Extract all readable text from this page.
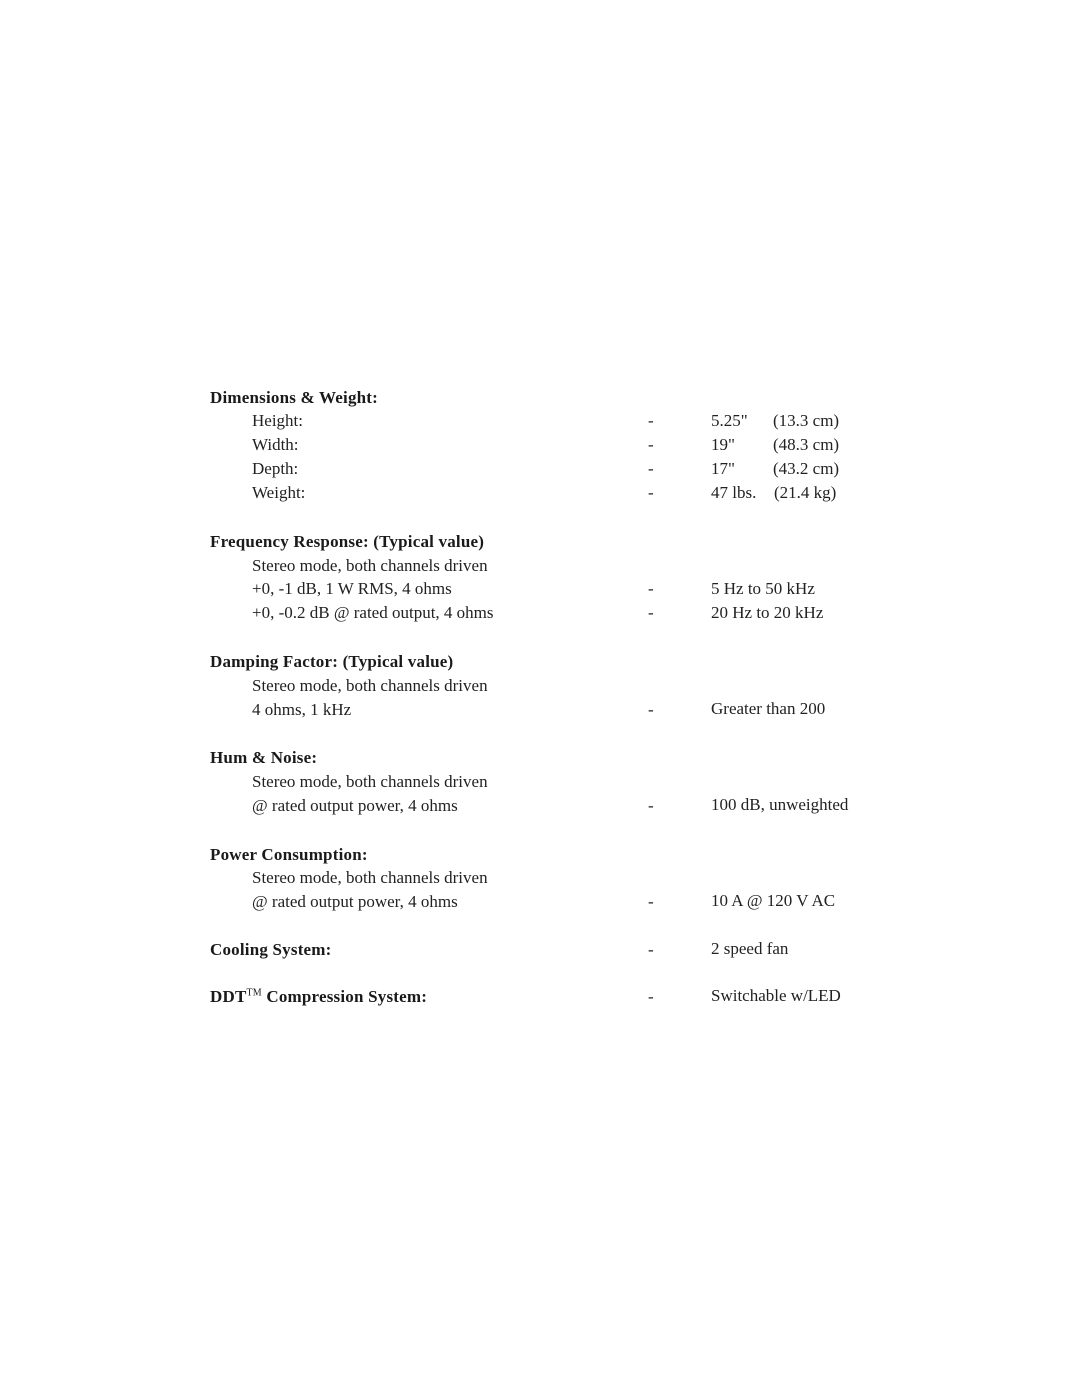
Dimensions & Weight:
Height:	-	5.25" (13.3 cm)
Width:	-	19" (48.3 cm)
Depth:	-	17" (43.2 cm)
Weight:	-	47 lbs. (21.4 kg)
Frequency Response: (Typical value)
Stereo mode, both channels driven
+0, -1 dB, 1 W RMS, 4 ohms	-	5 Hz to 50 kHz
+0, -0.2 dB @ rated output, 4 ohms	-	20 Hz to 20 kHz
Damping Factor: (Typical value)
Stereo mode, both channels driven
4 ohms, 1 kHz	-	Greater than 200
Hum & Noise:
Stereo mode, both channels driven
@ rated output power, 4 ohms	-	100 dB, unweighted
Power Consumption:
Stereo mode, both channels driven
@ rated output power, 4 ohms	-	10 A @ 120 V AC
Cooling System:	-	2 speed fan
DDT™ Compression System:	-	Switchable w/LED
